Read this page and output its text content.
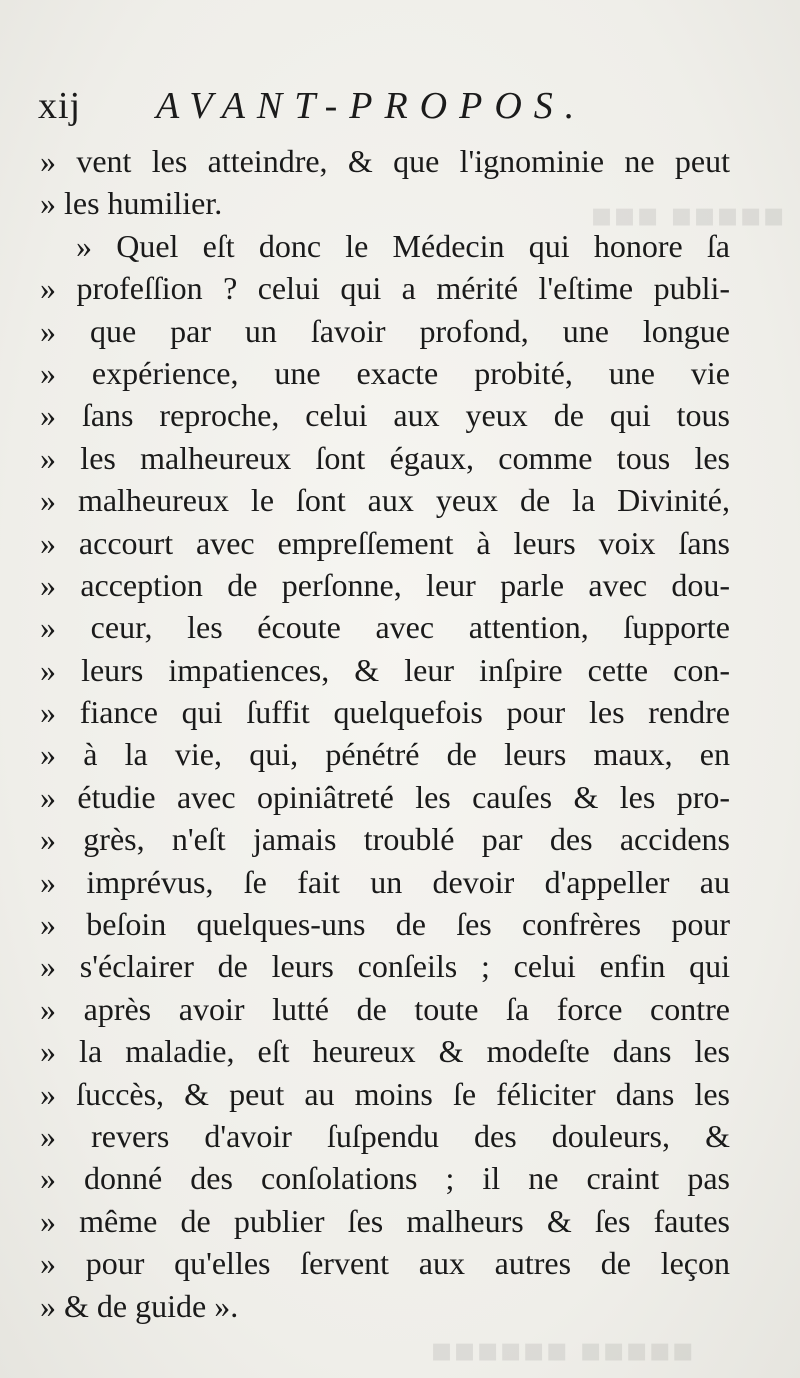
▪▪▪ ▪▪▪▪▪
▪▪▪▪▪▪ ▪▪▪▪▪
xij AVANT-PROPOS.
» vent les atteindre, & que l'ignominie ne peut
» les humilier.
» Quel eſt donc le Médecin qui honore ſa
» profeſſion ? celui qui a mérité l'eſtime publi-
» que par un ſavoir profond, une longue
» expérience, une exacte probité, une vie
» ſans reproche, celui aux yeux de qui tous
» les malheureux ſont égaux, comme tous les
» malheureux le ſont aux yeux de la Divinité,
» accourt avec empreſſement à leurs voix ſans
» acception de perſonne, leur parle avec dou-
» ceur, les écoute avec attention, ſupporte
» leurs impatiences, & leur inſpire cette con-
» fiance qui ſuffit quelquefois pour les rendre
» à la vie, qui, pénétré de leurs maux, en
» étudie avec opiniâtreté les cauſes & les pro-
» grès, n'eſt jamais troublé par des accidens
» imprévus, ſe fait un devoir d'appeller au
» beſoin quelques-uns de ſes confrères pour
» s'éclairer de leurs conſeils ; celui enfin qui
» après avoir lutté de toute ſa force contre
» la maladie, eſt heureux & modeſte dans les
» ſuccès, & peut au moins ſe féliciter dans les
» revers d'avoir ſuſpendu des douleurs, &
» donné des conſolations ; il ne craint pas
» même de publier ſes malheurs & ſes fautes
» pour qu'elles ſervent aux autres de leçon
» & de guide ».
